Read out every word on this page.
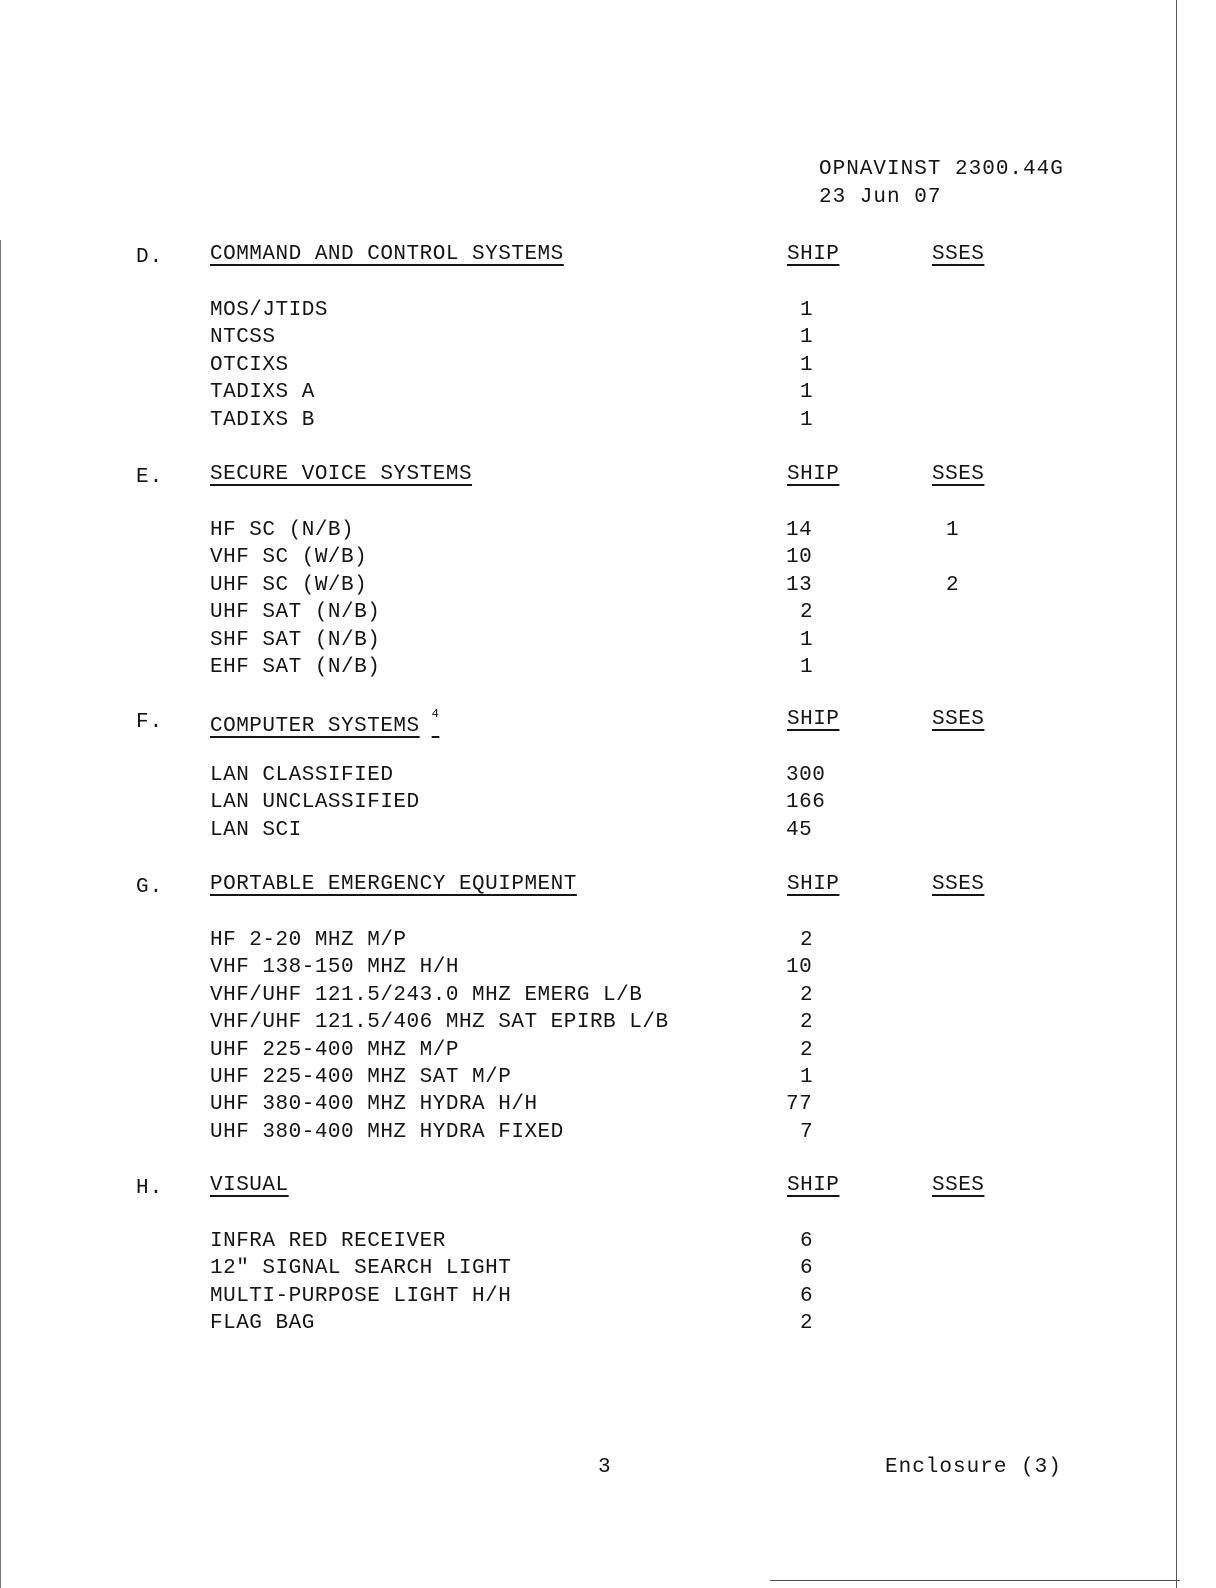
OPNAVINST 2300.44G
23 Jun 07
D. COMMAND AND CONTROL SYSTEMS	SHIP	SSES
MOS/JTIDS	1
NTCSS	1
OTCIXS	1
TADIXS A	1
TADIXS B	1
E. SECURE VOICE SYSTEMS	SHIP	SSES
HF SC (N/B)	14	1
VHF SC (W/B)	10
UHF SC (W/B)	13	2
UHF SAT (N/B)	2
SHF SAT (N/B)	1
EHF SAT (N/B)	1
F. COMPUTER SYSTEMS$^4$	SHIP	SSES
LAN CLASSIFIED	300
LAN UNCLASSIFIED	166
LAN SCI	45
G. PORTABLE EMERGENCY EQUIPMENT	SHIP	SSES
HF 2-20 MHZ M/P	2
VHF 138-150 MHZ H/H	10
VHF/UHF 121.5/243.0 MHZ EMERG L/B	2
VHF/UHF 121.5/406 MHZ SAT EPIRB L/B	2
UHF 225-400 MHZ M/P	2
UHF 225-400 MHZ SAT M/P	1
UHF 380-400 MHZ HYDRA H/H	77
UHF 380-400 MHZ HYDRA FIXED	7
H. VISUAL	SHIP	SSES
INFRA RED RECEIVER	6
12″ SIGNAL SEARCH LIGHT	6
MULTI-PURPOSE LIGHT H/H	6
FLAG BAG	2
3	Enclosure (3)
